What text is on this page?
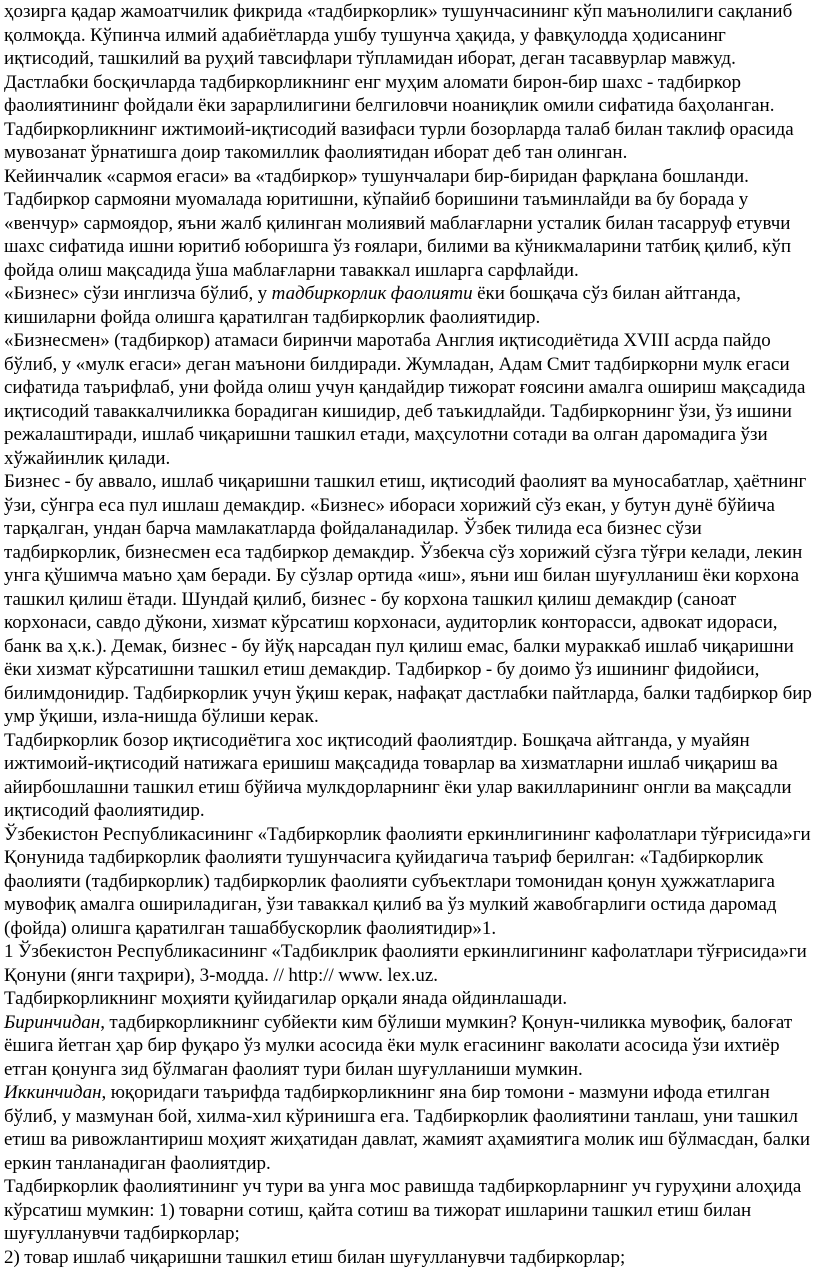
ҳозирга қадар жамоатчилик фикрида «тадбиркорлик» тушунчасининг кўп маънолилиги сақланиб қолмоқда. Кўпинча илмий адабиётларда ушбу тушунча ҳақида, у фавқулодда ҳодисанинг иқтисодий, ташкилий ва руҳий тавсифлари тўпламидан иборат, деган тасаввурлар мавжуд. Дастлабки босқичларда тадбиркорликнинг енг муҳим аломати бирон-бир шахс - тадбиркор фаолиятининг фойдали ёки зарарлилигини белгиловчи ноаниқлик омили сифатида баҳоланган. Тадбиркорликнинг ижтимоий-иқтисодий вазифаси турли бозорларда талаб билан таклиф орасида мувозанат ўрнатишга доир такомиллик фаолиятидан иборат деб тан олинган.

Кейинчалик «сармоя егаси» ва «тадбиркор» тушунчалари бир-биридан фарқлана бошланди. Тадбиркор сармояни муомалада юритишни, кўпайиб боришини таъминлайди ва бу борада у «венчур» сармоядор, яъни жалб қилинган молиявий маблағларни усталик билан тасарруф етувчи шахс сифатида ишни юритиб юборишга ўз ғоялари, билими ва кўникмаларини татбиқ қилиб, кўп фойда олиш мақсадида ўша маблағларни таваккал ишларга сарфлайди.

«Бизнес» сўзи инглизча бўлиб, у тадбиркорлик фаолияти ёки бошқача сўз билан айтганда, кишиларни фойда олишга қаратилган тадбиркорлик фаолиятидир.

«Бизнесмен» (тадбиркор) атамаси биринчи маротаба Англия иқтисодиётида XVIII асрда пайдо бўлиб, у «мулк егаси» деган маънони билдиради. Жумладан, Адам Смит тадбиркорни мулк егаси сифатида таърифлаб, уни фойда олиш учун қандайдир тижорат ғоясини амалга ошириш мақсадида иқтисодий таваккалчиликка борадиган кишидир, деб таъкидлайди. Тадбиркорнинг ўзи, ўз ишини режалаштиради, ишлаб чиқаришни ташкил етади, маҳсулотни сотади ва олган даромадига ўзи хўжайинлик қилади.

Бизнес - бу аввало, ишлаб чиқаришни ташкил етиш, иқтисодий фаолият ва муносабатлар, ҳаётнинг ўзи, сўнгра еса пул ишлаш демакдир. «Бизнес» ибораси хорижий сўз екан, у бутун дунё бўйича тарқалган, ундан барча мамлакатларда фойдаланадилар. Ўзбек тилида еса бизнес сўзи тадбиркорлик, бизнесмен еса тадбиркор демакдир. Ўзбекча сўз хорижий сўзга тўғри келади, лекин унга қўшимча маъно ҳам беради. Бу сўзлар ортида «иш», яъни иш билан шуғулланиш ёки корхона ташкил қилиш ётади. Шундай қилиб, бизнес - бу корхона ташкил қилиш демакдир (саноат корхонаси, савдо дўкони, хизмат кўрсатиш корхонаси, аудиторлик конторасси, адвокат идораси, банк ва ҳ.к.). Демак, бизнес - бу йўқ нарсадан пул қилиш емас, балки мураккаб ишлаб чиқаришни ёки хизмат кўрсатишни ташкил етиш демакдир. Тадбиркор - бу доимо ўз ишининг фидойиси, билимдонидир. Тадбиркорлик учун ўқиш керак, нафақат дастлабки пайтларда, балки тадбиркор бир умр ўқиши, изла-нишда бўлиши керак.

Тадбиркорлик бозор иқтисодиётига хос иқтисодий фаолиятдир. Бошқача айтганда, у муайян ижтимоий-иқтисодий натижага еришиш мақсадида товарлар ва хизматларни ишлаб чиқариш ва айирбошлашни ташкил етиш бўйича мулкдорларнинг ёки улар вакилларининг онгли ва мақсадли иқтисодий фаолиятидир.

Ўзбекистон Республикасининг «Тадбиркорлик фаолияти еркинлигининг кафолатлари тўғрисида»ги Қонунида тадбиркорлик фаолияти тушунчасига қуйидагича таъриф берилган: «Тадбиркорлик фаолияти (тадбиркорлик) тадбиркорлик фаолияти субъектлари томонидан қонун ҳужжатларига мувофиқ амалга ошириладиган, ўзи таваккал қилиб ва ўз мулкий жавобгарлиги остида даромад (фойда) олишга қаратилган ташаббускорлик фаолиятидир»1.

1 Ўзбекистон Республикасининг «Тадбиклрик фаолияти еркинлигининг кафолатлари тўғрисида»ги Қонуни (янги таҳрири), 3-модда. // http:// www. lex.uz.

Тадбиркорликнинг моҳияти қуйидагилар орқали янада ойдинлашади.

Биринчидан, тадбиркорликнинг субйекти ким бўлиши мумкин? Қонун-чиликка мувофиқ, балоғат ёшига йетган ҳар бир фуқаро ўз мулки асосида ёки мулк егасининг ваколати асосида ўзи ихтиёр етган қонунга зид бўлмаган фаолият тури билан шуғулланиши мумкин.

Иккинчидан, юқоридаги таърифда тадбиркорликнинг яна бир томони - мазмуни ифода етилган бўлиб, у мазмунан бой, хилма-хил кўринишга ега. Тадбиркорлик фаолиятини танлаш, уни ташкил етиш ва ривожлантириш моҳият жиҳатидан давлат, жамият аҳамиятига молик иш бўлмасдан, балки еркин танланадиган фаолиятдир.

Тадбиркорлик фаолиятининг уч тури ва унга мос равишда тадбиркорларнинг уч гуруҳини алоҳида кўрсатиш мумкин: 1) товарни сотиш, қайта сотиш ва тижорат ишларини ташкил етиш билан шуғулланувчи тадбиркорлар;

2) товар ишлаб чиқаришни ташкил етиш билан шуғулланувчи тадбиркорлар;
